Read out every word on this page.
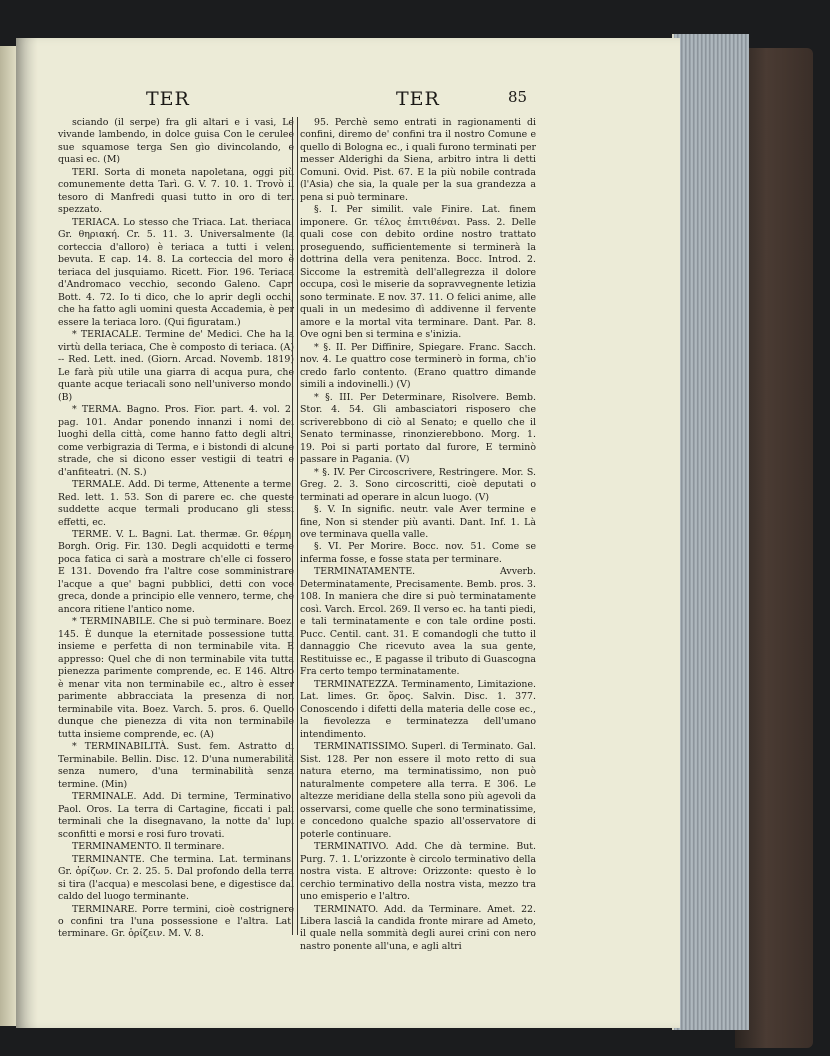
TER	TER	85

sciando (il serpe) fra gli altari e i vasi, Le vivande lambendo, in dolce guisa Con le cerulee sue squamose terga Sen gìo divincolando, e quasi ec. (M)

TERI. Sorta di moneta napoletana, oggi più comunemente detta Tarì. G. V. 7. 10. 1. Trovò il tesoro di Manfredi quasi tutto in oro di teri spezzato.

TERIACA. Lo stesso che Triaca. Lat. theriaca. Gr. θηριακή. Cr. 5. 11. 3. Universalmente (la corteccia d'alloro) è teriaca a tutti i veleni bevuta. E cap. 14. 8. La corteccia del moro è teriaca del jusquiamo. Ricett. Fior. 196. Teriaca d'Andromaco vecchio, secondo Galeno. Capr. Bott. 4. 72. Io ti dico, che lo aprir degli occhi, che ha fatto agli uomini questa Accademia, è per essere la teriaca loro. (Qui figuratam.)

* TERIACALE. Termine de' Medici. Che ha la virtù della teriaca, Che è composto di teriaca. (A) -- Red. Lett. ined. (Giorn. Arcad. Novemb. 1819) Le farà più utile una giarra di acqua pura, che quante acque teriacali sono nell'universo mondo. (B)

* TERMA. Bagno. Pros. Fior. part. 4. vol. 2. pag. 101. Andar ponendo innanzi i nomi dei luoghi della città, come hanno fatto degli altri; come verbigrazia di Terma, e i bistondi di alcune strade, che si dicono esser vestigii di teatri e d'anfiteatri. (N. S.)

TERMALE. Add. Di terme, Attenente a terme. Red. lett. 1. 53. Son di parere ec. che queste suddette acque termali producano gli stessi effetti, ec.

TERME. V. L. Bagni. Lat. thermæ. Gr. θέρμη. Borgh. Orig. Fir. 130. Degli acquidotti e terme poca fatica ci sarà a mostrare ch'elle ci fossero. E 131. Dovendo fra l'altre cose somministrare l'acque a que' bagni pubblici, detti con voce greca, donde a principio elle vennero, terme, che ancora ritiene l'antico nome.

* TERMINABILE. Che si può terminare. Boez. 145. È dunque la eternitade possessione tutta insieme e perfetta di non terminabile vita. E appresso: Quel che di non terminabile vita tutta pienezza parimente comprende, ec. E 146. Altro è menar vita non terminabile ec., altro è esser parimente abbracciata la presenza di non terminabile vita. Boez. Varch. 5. pros. 6. Quello dunque che pienezza di vita non terminabile tutta insieme comprende, ec. (A)

* TERMINABILITÀ. Sust. fem. Astratto di Terminabile. Bellin. Disc. 12. D'una numerabilità senza numero, d'una terminabilità senza termine. (Min)

TERMINALE. Add. Di termine, Terminativo. Paol. Oros. La terra di Cartagine, ficcati i pali terminali che la disegnavano, la notte da' lupi sconfitti e morsi e rosi furo trovati.

TERMINAMENTO. Il terminare.

TERMINANTE. Che termina. Lat. terminans. Gr. ὁρίζων. Cr. 2. 25. 5. Dal profondo della terra si tira (l'acqua) e mescolasi bene, e digestisce dal caldo del luogo terminante.

TERMINARE. Porre termini, cioè costrignere o confini tra l'una possessione e l'altra. Lat. terminare. Gr. ὁρίζειν. M. V. 8.

95. Perchè semo entrati in ragionamenti di confini, diremo de' confini tra il nostro Comune e quello di Bologna ec., i quali furono terminati per messer Alderighi da Siena, arbitro intra li detti Comuni. Ovid. Pist. 67. E la più nobile contrada (l'Asia) che sia, la quale per la sua grandezza a pena si può terminare.

§. I. Per similit. vale Finire. Lat. finem imponere. Gr. τέλος ἐπιτιθέναι. Pass. 2. Delle quali cose con debito ordine nostro trattato proseguendo, sufficientemente si terminerà la dottrina della vera penitenza. Bocc. Introd. 2. Siccome la estremità dell'allegrezza il dolore occupa, così le miserie da sopravvegnente letizia sono terminate. E nov. 37. 11. O felici anime, alle quali in un medesimo dì addivenne il fervente amore e la mortal vita terminare. Dant. Par. 8. Ove ogni ben si termina e s'inizia.

* §. II. Per Diffinire, Spiegare. Franc. Sacch. nov. 4. Le quattro cose terminerò in forma, ch'io credo farlo contento. (Erano quattro dimande simili a indovinelli.) (V)

* §. III. Per Determinare, Risolvere. Bemb. Stor. 4. 54. Gli ambasciatori risposero che scriverebbono di ciò al Senato; e quello che il Senato terminasse, rinonzierebbono. Morg. 1. 19. Poi si parti portato dal furore, E terminò passare in Pagania. (V)

* §. IV. Per Circoscrivere, Restringere. Mor. S. Greg. 2. 3. Sono circoscritti, cioè deputati o terminati ad operare in alcun luogo. (V)

§. V. In signific. neutr. vale Aver termine e fine, Non si stender più avanti. Dant. Inf. 1. Là ove terminava quella valle.

§. VI. Per Morire. Bocc. nov. 51. Come se inferma fosse, e fosse stata per terminare.

TERMINATAMENTE. Avverb. Determinatamente, Precisamente. Bemb. pros. 3. 108. In maniera che dire si può terminatamente così. Varch. Ercol. 269. Il verso ec. ha tanti piedi, e tali terminatamente e con tale ordine posti. Pucc. Centil. cant. 31. E comandogli che tutto il dannaggio Che ricevuto avea la sua gente, Restituisse ec., E pagasse il tributo di Guascogna Fra certo tempo terminatamente.

TERMINATEZZA. Terminamento, Limitazione. Lat. limes. Gr. ὅρος. Salvin. Disc. 1. 377. Conoscendo i difetti della materia delle cose ec., la fievolezza e terminatezza dell'umano intendimento.

TERMINATISSIMO. Superl. di Terminato. Gal. Sist. 128. Per non essere il moto retto di sua natura eterno, ma terminatissimo, non può naturalmente competere alla terra. E 306. Le altezze meridiane della stella sono più agevoli da osservarsi, come quelle che sono terminatissime, e concedono qualche spazio all'osservatore di poterle continuare.

TERMINATIVO. Add. Che dà termine. But. Purg. 7. 1. L'orizzonte è circolo terminativo della nostra vista. E altrove: Orizzonte: questo è lo cerchio terminativo della nostra vista, mezzo tra uno emisperio e l'altro.

TERMINATO. Add. da Terminare. Amet. 22. Libera lasciâ la candida fronte mirare ad Ameto, il quale nella sommità degli aurei crini con nero nastro ponente all'una, e agli altri
